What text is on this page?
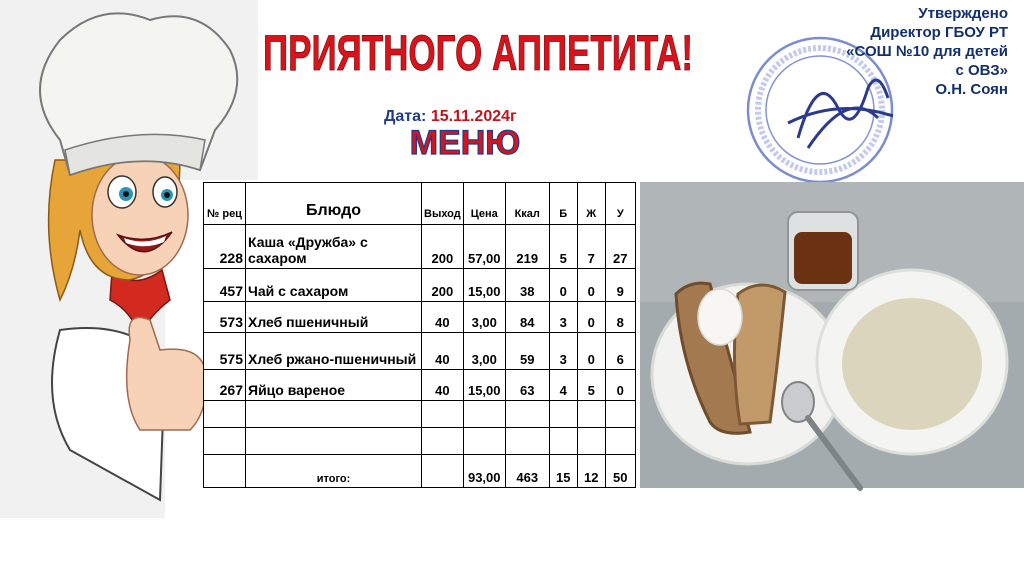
ПРИЯТНОГО АППЕТИТА!
Дата: 15.11.2024г
МЕНЮ
Утверждено
Директор ГБОУ РТ
«СОШ №10 для детей
с ОВЗ»
О.Н. Соян
№ рец	Блюдо	Выход	Цена	Ккал	Б	Ж	У
228	Каша «Дружба» с сахаром	200	57,00	219	5	7	27
457	Чай с сахаром	200	15,00	38	0	0	9
573	Хлеб пшеничный	40	3,00	84	3	0	8
575	Хлеб ржано-пшеничный	40	3,00	59	3	0	6
267	Яйцо вареное	40	15,00	63	4	5	0

	итого:		93,00	463	15	12	50
